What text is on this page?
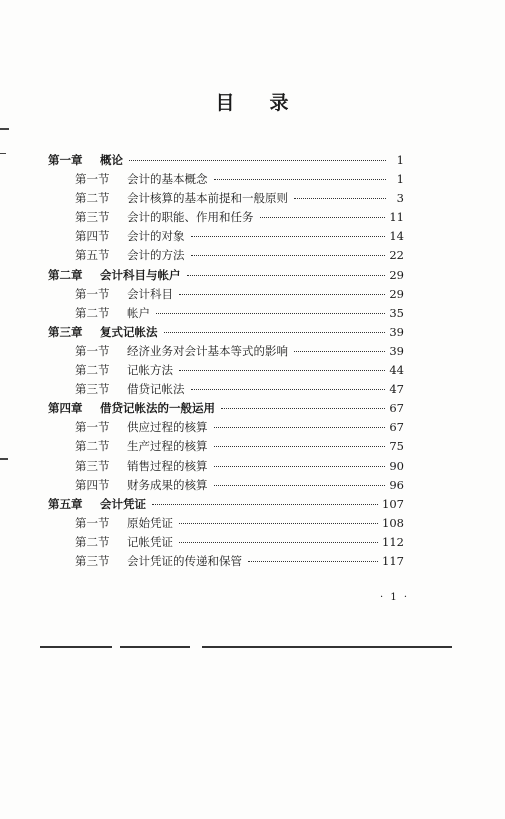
目 录
第一章	概论	1
第一节	会计的基本概念	1
第二节	会计核算的基本前提和一般原则	3
第三节	会计的职能、作用和任务	11
第四节	会计的对象	14
第五节	会计的方法	22
第二章	会计科目与帐户	29
第一节	会计科目	29
第二节	帐户	35
第三章	复式记帐法	39
第一节	经济业务对会计基本等式的影响	39
第二节	记帐方法	44
第三节	借贷记帐法	47
第四章	借贷记帐法的一般运用	67
第一节	供应过程的核算	67
第二节	生产过程的核算	75
第三节	销售过程的核算	90
第四节	财务成果的核算	96
第五章	会计凭证	107
第一节	原始凭证	108
第二节	记帐凭证	112
第三节	会计凭证的传递和保管	117
· 1 ·
